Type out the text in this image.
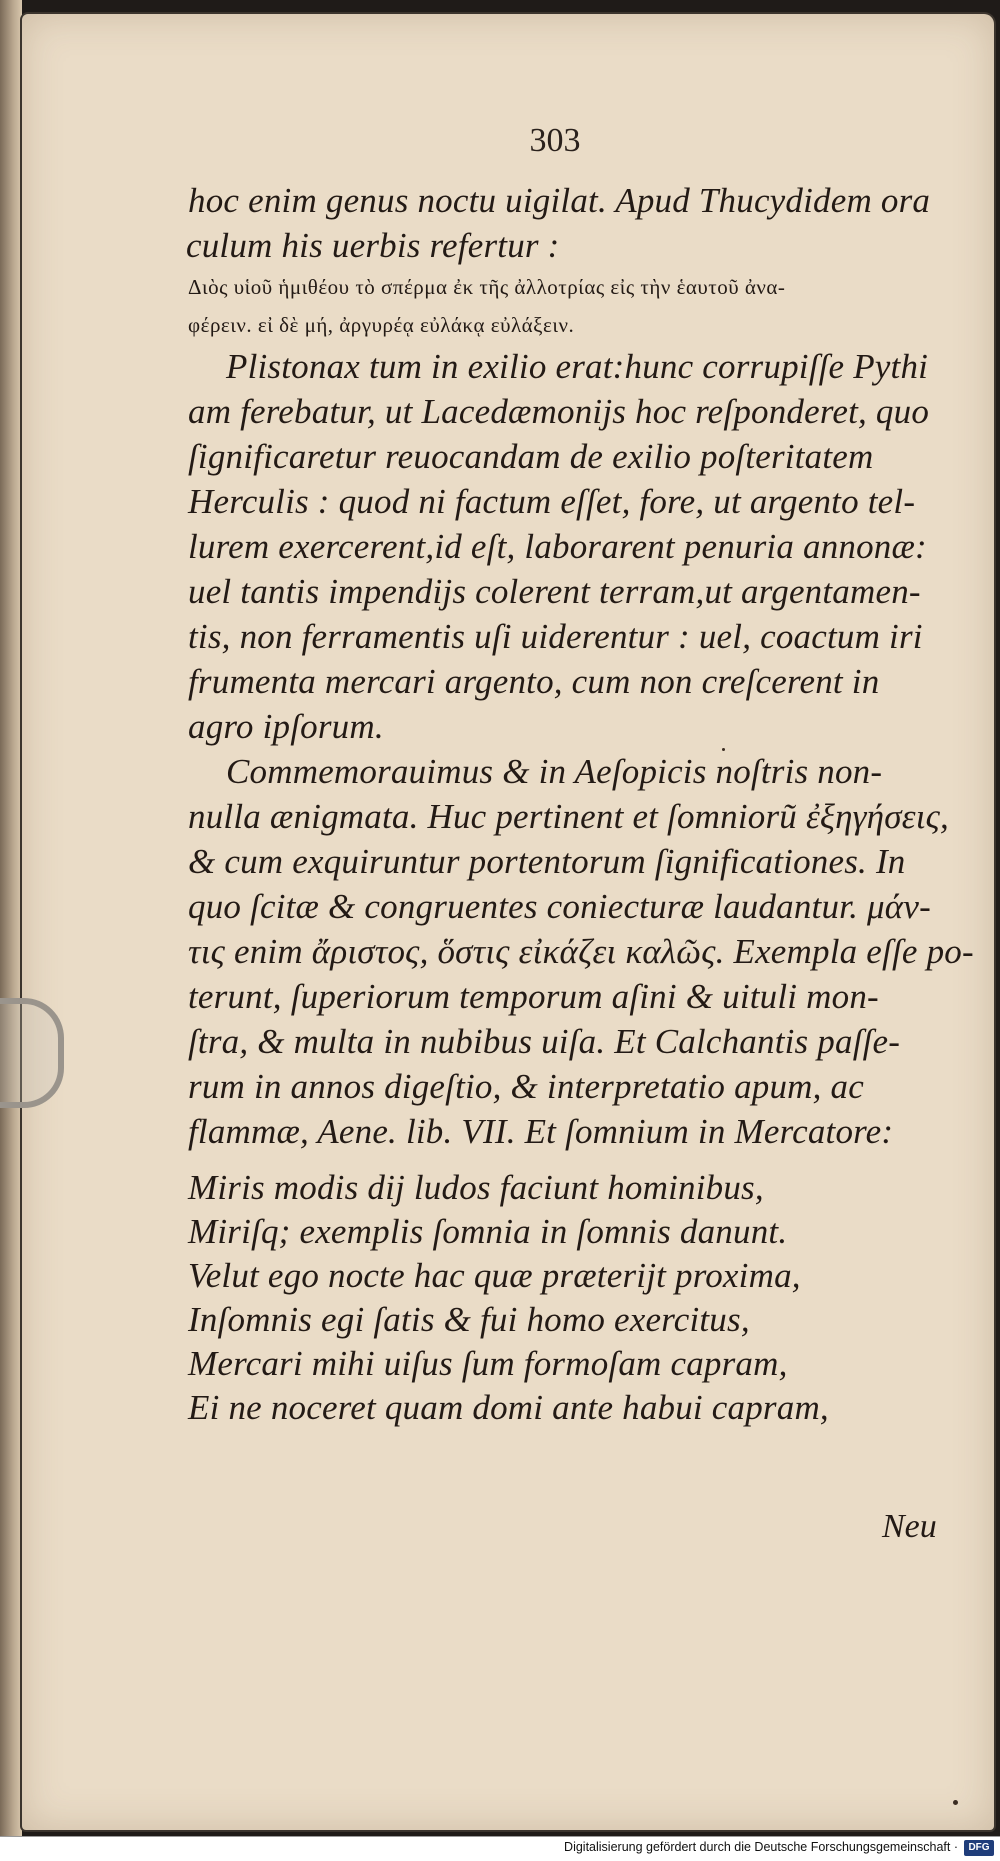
303
hoc enim genus noctu uigilat. Apud Thucydidem ora
culum his uerbis refertur :
Διὸς υἱοῦ ἡμιθέου τὸ σπέρμα ἐκ τῆς ἀλλοτρίας εἰς τὴν ἑαυτοῦ ἀνα-
φέρειν. εἰ δὲ μή, ἀργυρέᾳ εὐλάκᾳ εὐλάξειν.
Plistonax tum in exilio erat:hunc corrupiſſe Pythi
am ferebatur, ut Lacedæmonijs hoc reſponderet, quo
ſignificaretur reuocandam de exilio poſteritatem
Herculis : quod ni factum eſſet, fore, ut argento tel-
lurem exercerent,id eſt, laborarent penuria annonæ:
uel tantis impendijs colerent terram,ut argentamen-
tis, non ferramentis uſi uiderentur : uel, coactum iri
frumenta mercari argento, cum non creſcerent in
agro ipſorum.
Commemorauimus & in Aeſopicis noſtris non-
nulla ænigmata. Huc pertinent et ſomniorũ ἐξηγήσεις,
& cum exquiruntur portentorum ſignificationes. In
quo ſcitæ & congruentes coniecturæ laudantur. μάν-
τις enim ἄριστος, ὅστις εἰκάζει καλῶς. Exempla eſſe po-
terunt, ſuperiorum temporum aſini & uituli mon-
ſtra, & multa in nubibus uiſa. Et Calchantis paſſe-
rum in annos digeſtio, & interpretatio apum, ac
flammæ, Aene. lib. VII. Et ſomnium in Mercatore:
Miris modis dij ludos faciunt hominibus,
Miriſq; exemplis ſomnia in ſomnis danunt.
Velut ego nocte hac quæ præterijt proxima,
Inſomnis egi ſatis & fui homo exercitus,
Mercari mihi uiſus ſum formoſam capram,
Ei ne noceret quam domi ante habui capram,
Neu
Digitalisierung gefördert durch die Deutsche Forschungsgemeinschaft ·	DFG
